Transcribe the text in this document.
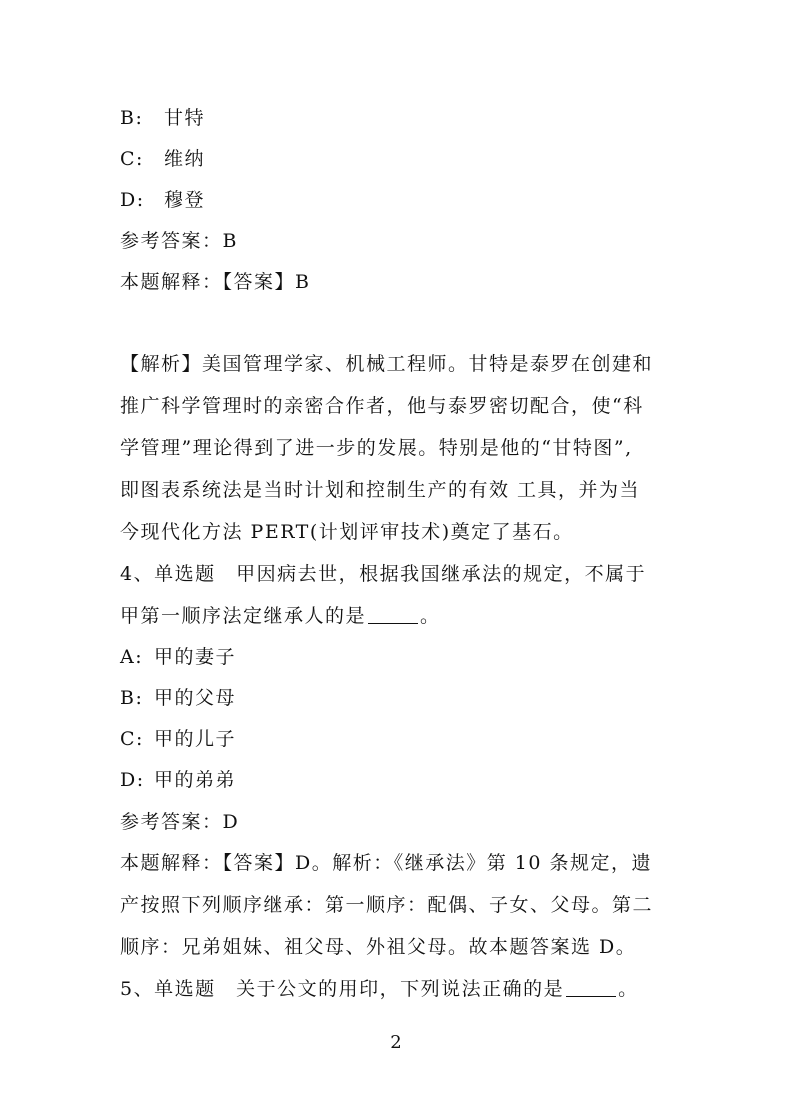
B: 甘特
C: 维纳
D: 穆登
参考答案：B
本题解释：【答案】B
【解析】美国管理学家、机械工程师。甘特是泰罗在创建和
推广科学管理时的亲密合作者，他与泰罗密切配合，使“科
学管理”理论得到了进一步的发展。特别是他的“甘特图”,
即图表系统法是当时计划和控制生产的有效 工具，并为当
今现代化方法 PERT(计划评审技术)奠定了基石。
4、单选题　甲因病去世，根据我国继承法的规定，不属于
甲第一顺序法定继承人的是	。
A: 甲的妻子
B: 甲的父母
C: 甲的儿子
D: 甲的弟弟
参考答案：D
本题解释：【答案】D。解析：《继承法》第 10 条规定，遗
产按照下列顺序继承：第一顺序：配偶、子女、父母。第二
顺序：兄弟姐妹、祖父母、外祖父母。故本题答案选 D。
5、单选题　关于公文的用印，下列说法正确的是	。
2
